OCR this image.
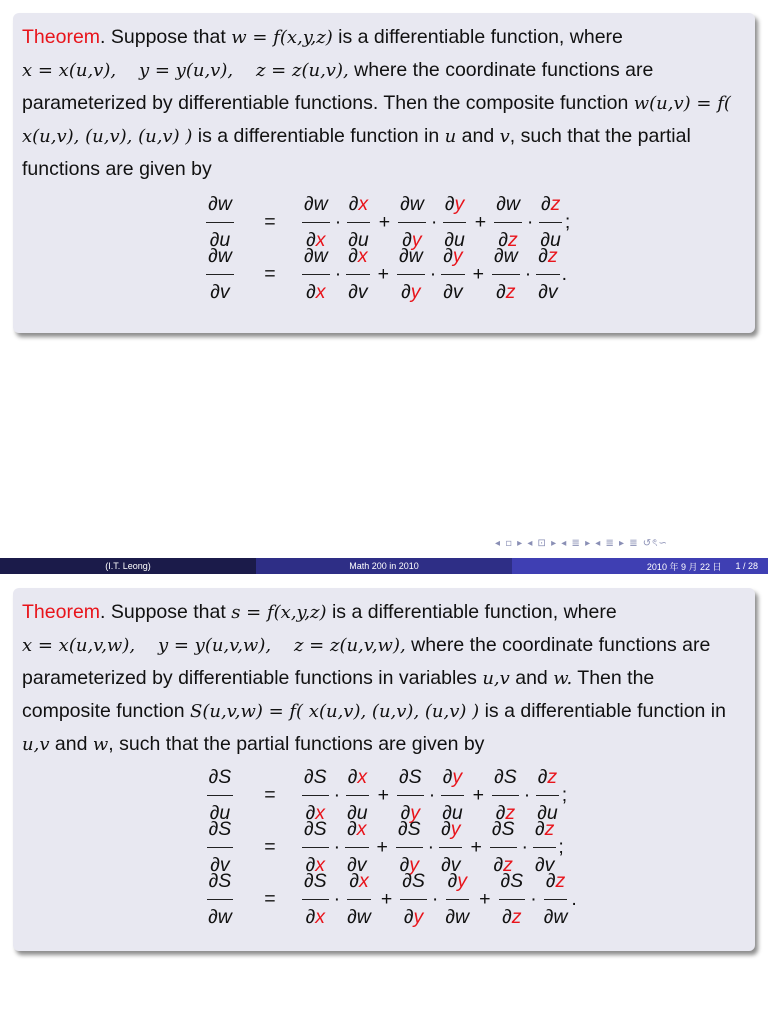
Theorem. Suppose that w = f(x,y,z) is a differentiable function, where x = x(u,v),    y = y(u,v),    z = z(u,v), where the coordinate functions are parameterized by differentiable functions. Then the composite function w(u,v) = f( x(u,v), (u,v), (u,v) ) is a differentiable function in u and v, such that the partial functions are given by

$\frac{\partial w}{\partial u}$	=	$\frac{\partial w}{\partial x} \cdot \frac{\partial x}{\partial u} + \frac{\partial w}{\partial y} \cdot \frac{\partial y}{\partial u} + \frac{\partial w}{\partial z} \cdot \frac{\partial z}{\partial u}$ ;
$\frac{\partial w}{\partial v}$	=	$\frac{\partial w}{\partial x} \cdot \frac{\partial x}{\partial v} + \frac{\partial w}{\partial y} \cdot \frac{\partial y}{\partial v} + \frac{\partial w}{\partial z} \cdot \frac{\partial z}{\partial v}$ .
◂ ▫ ▸ ◂ ⊡ ▸ ◂ ≣ ▸ ◂ ≣ ▸ ≣ ↺ৎ∽
(I.T. Leong)	Math 200 in 2010	2010 年 9 月 22 日 1 / 28

Theorem. Suppose that s = f(x,y,z) is a differentiable function, where x = x(u,v,w),    y = y(u,v,w),    z = z(u,v,w), where the coordinate functions are parameterized by differentiable functions in variables u,v and w. Then the composite function S(u,v,w) = f( x(u,v), (u,v), (u,v) ) is a differentiable function in u,v and w, such that the partial functions are given by

$\frac{\partial S}{\partial u}$	=	$\frac{\partial S}{\partial x} \cdot \frac{\partial x}{\partial u} + \frac{\partial S}{\partial y} \cdot \frac{\partial y}{\partial u} + \frac{\partial S}{\partial z} \cdot \frac{\partial z}{\partial u}$ ;
$\frac{\partial S}{\partial v}$	=	$\frac{\partial S}{\partial x} \cdot \frac{\partial x}{\partial v} + \frac{\partial S}{\partial y} \cdot \frac{\partial y}{\partial v} + \frac{\partial S}{\partial z} \cdot \frac{\partial z}{\partial v}$ ;
$\frac{\partial S}{\partial w}$	=	$\frac{\partial S}{\partial x} \cdot \frac{\partial x}{\partial w} + \frac{\partial S}{\partial y} \cdot \frac{\partial y}{\partial w} + \frac{\partial S}{\partial z} \cdot \frac{\partial z}{\partial w}$ .
